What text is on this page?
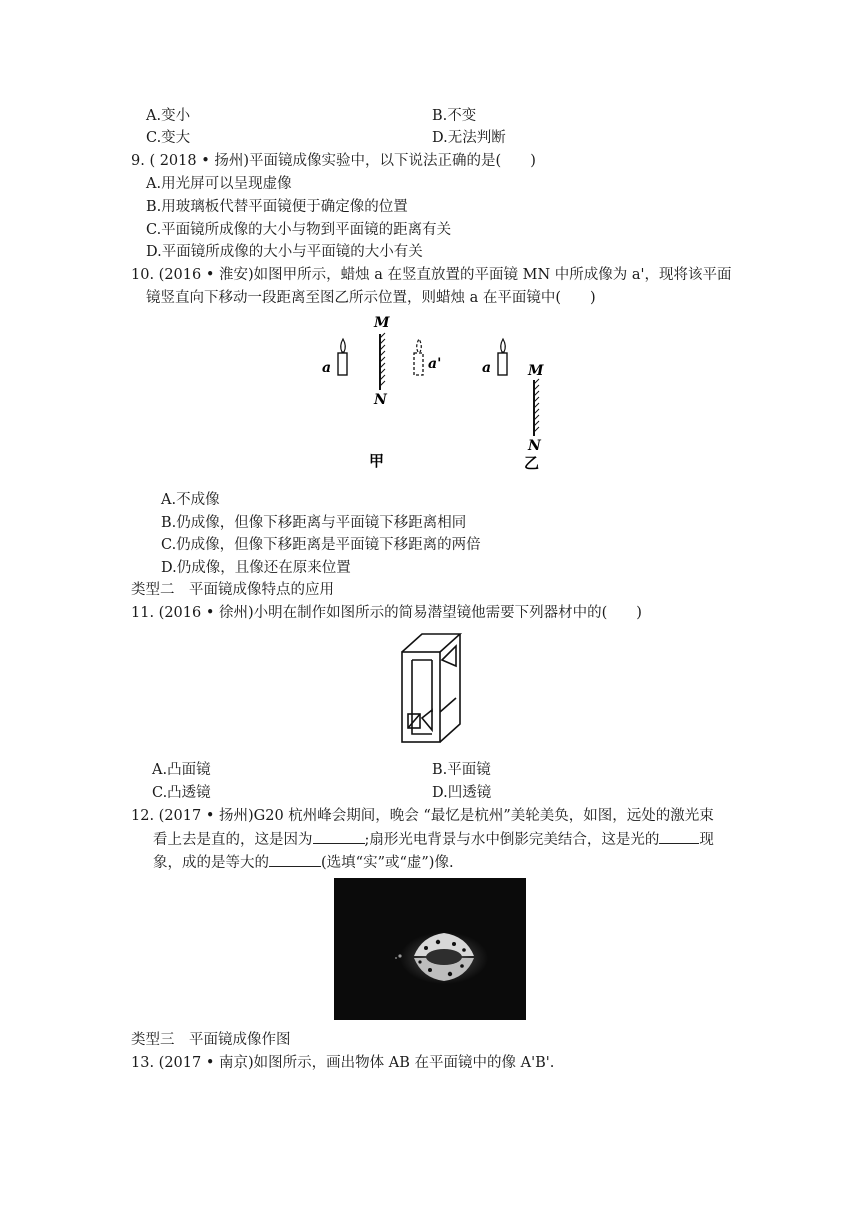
A.变小	B.不变
C.变大	D.无法判断
9. ( 2018 • 扬州)平面镜成像实验中，以下说法正确的是(　　)
A.用光屏可以呈现虚像
B.用玻璃板代替平面镜便于确定像的位置
C.平面镜所成像的大小与物到平面镜的距离有关
D.平面镜所成像的大小与平面镜的大小有关
10. (2016 • 淮安)如图甲所示，蜡烛 a 在竖直放置的平面镜 MN 中所成像为 a'，现将该平面
镜竖直向下移动一段距离至图乙所示位置，则蜡烛 a 在平面镜中(　　)
M
N
a	a'
甲
a	M
N
乙
A.不成像
B.仍成像，但像下移距离与平面镜下移距离相同
C.仍成像，但像下移距离是平面镜下移距离的两倍
D.仍成像，且像还在原来位置
类型二　平面镜成像特点的应用
11. (2016 • 徐州)小明在制作如图所示的简易潜望镜他需要下列器材中的(　　)
A.凸面镜	B.平面镜
C.凸透镜	D.凹透镜
12. (2017 • 扬州)G20 杭州峰会期间，晚会 “最忆是杭州”美轮美奂，如图，远处的激光束
看上去是直的，这是因为	;扇形光电背景与水中倒影完美结合，这是光的	现
象，成的是等大的	(选填“实”或“虚”)像.
类型三　平面镜成像作图
13. (2017 • 南京)如图所示，画出物体 AB 在平面镜中的像 A'B'.
